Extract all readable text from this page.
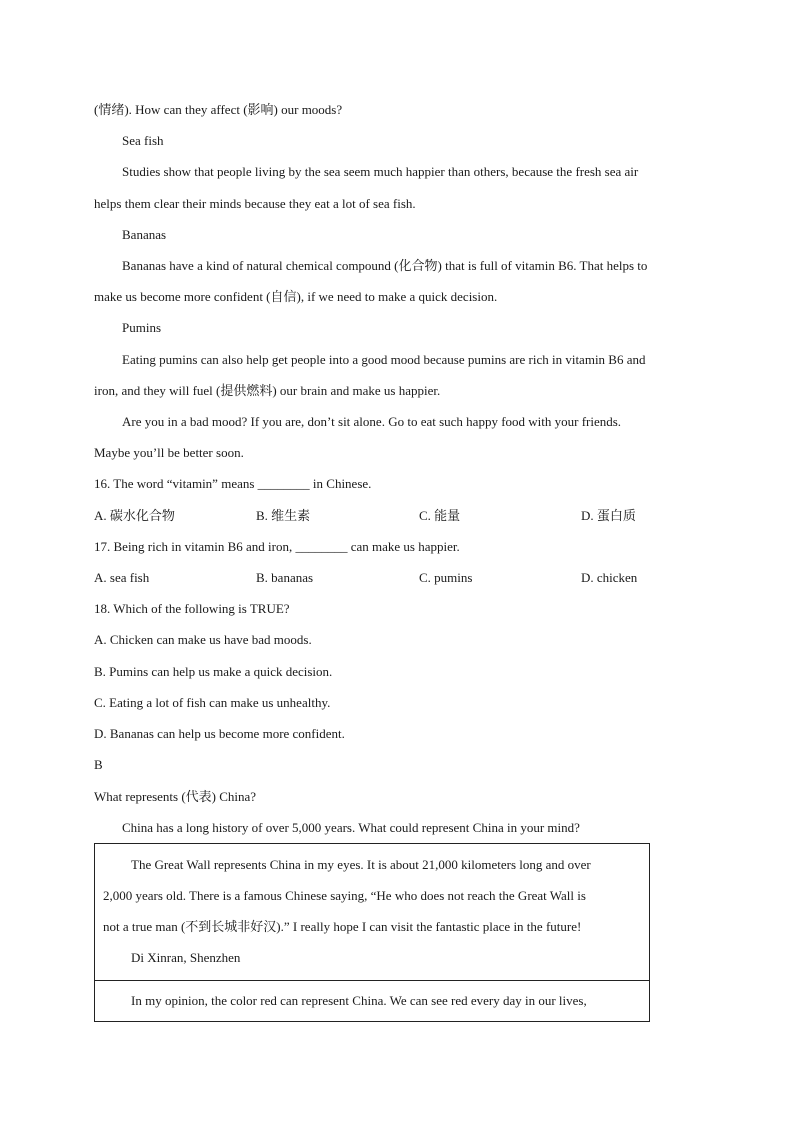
(情绪). How can they affect (影响) our moods?
Sea fish
Studies show that people living by the sea seem much happier than others, because the fresh sea air
helps them clear their minds because they eat a lot of sea fish.
Bananas
Bananas have a kind of natural chemical compound (化合物) that is full of vitamin B6. That helps to
make us become more confident (自信), if we need to make a quick decision.
Pumins
Eating pumins can also help get people into a good mood because pumins are rich in vitamin B6 and
iron, and they will fuel (提供燃料) our brain and make us happier.
Are you in a bad mood? If you are, don’t sit alone. Go to eat such happy food with your friends.
Maybe you’ll be better soon.
16. The word “vitamin” means ________ in Chinese.
A. 碳水化合物	B. 维生素	C. 能量	D. 蛋白质
17. Being rich in vitamin B6 and iron, ________ can make us happier.
A. sea fish	B. bananas	C. pumins	D. chicken
18. Which of the following is TRUE?
A. Chicken can make us have bad moods.
B. Pumins can help us make a quick decision.
C. Eating a lot of fish can make us unhealthy.
D. Bananas can help us become more confident.
B
What represents (代表) China?
China has a long history of over 5,000 years. What could represent China in your mind?
The Great Wall represents China in my eyes. It is about 21,000 kilometers long and over
2,000 years old. There is a famous Chinese saying, “He who does not reach the Great Wall is
not a true man (不到长城非好汉).” I really hope I can visit the fantastic place in the future!
Di Xinran, Shenzhen
In my opinion, the color red can represent China. We can see red every day in our lives,
